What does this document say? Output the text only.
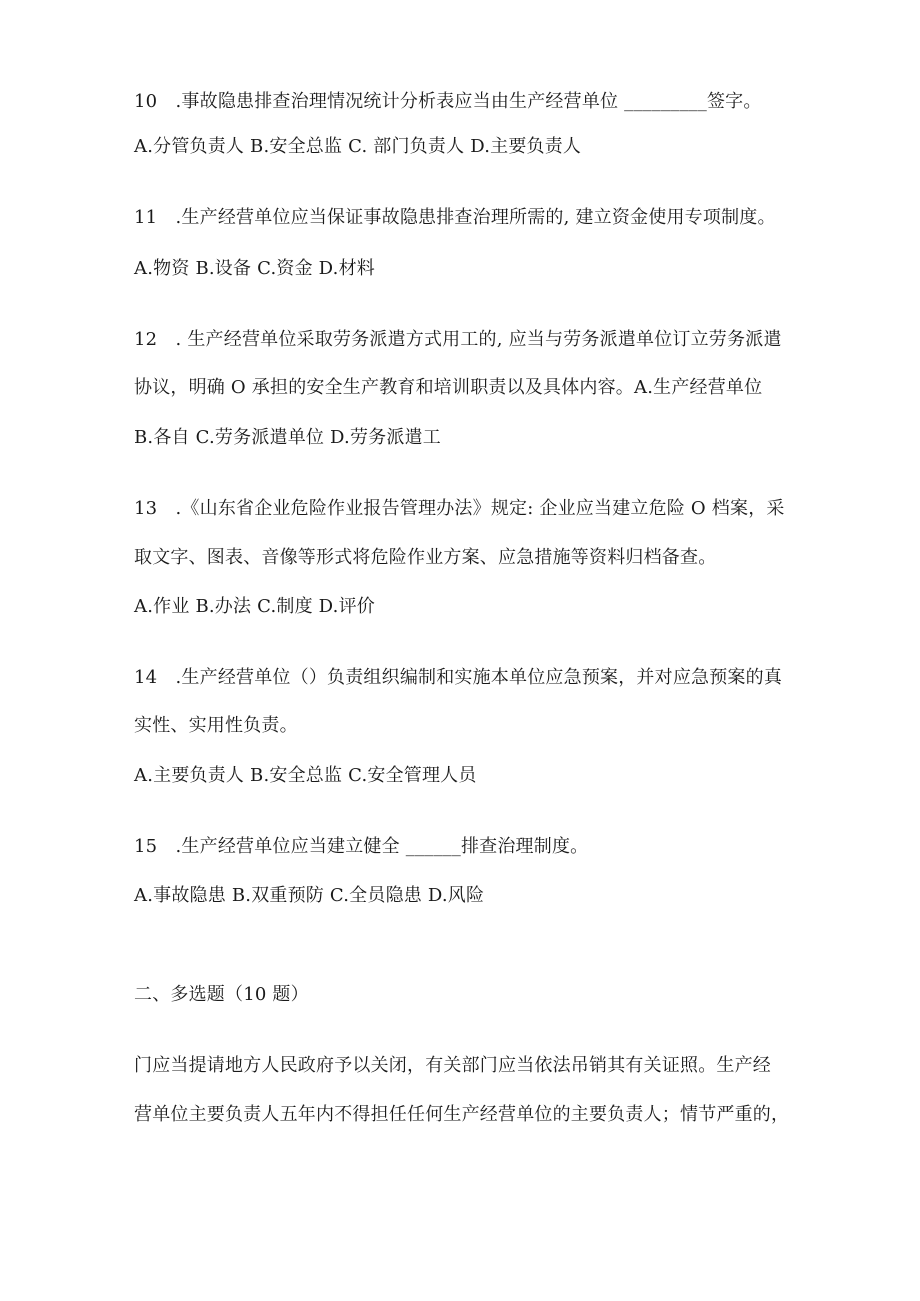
10　.事故隐患排查治理情况统计分析表应当由生产经营单位 _________签字。
A.分管负责人 B.安全总监 C. 部门负责人 D.主要负责人
11　.生产经营单位应当保证事故隐患排查治理所需的, 建立资金使用专项制度。
A.物资 B.设备 C.资金 D.材料
12　. 生产经营单位采取劳务派遣方式用工的, 应当与劳务派遣单位订立劳务派遣
协议，明确 O 承担的安全生产教育和培训职责以及具体内容。A.生产经营单位
B.各自 C.劳务派遣单位 D.劳务派遣工
13　.《山东省企业危险作业报告管理办法》规定: 企业应当建立危险 O 档案，采
取文字、图表、音像等形式将危险作业方案、应急措施等资料归档备查。
A.作业 B.办法 C.制度 D.评价
14　.生产经营单位（）负责组织编制和实施本单位应急预案，并对应急预案的真
实性、实用性负责。
A.主要负责人 B.安全总监 C.安全管理人员
15　.生产经营单位应当建立健全 ______排查治理制度。
A.事故隐患 B.双重预防 C.全员隐患 D.风险
二、多选题（10 题）
门应当提请地方人民政府予以关闭，有关部门应当依法吊销其有关证照。生产经
营单位主要负责人五年内不得担任任何生产经营单位的主要负责人；情节严重的，
